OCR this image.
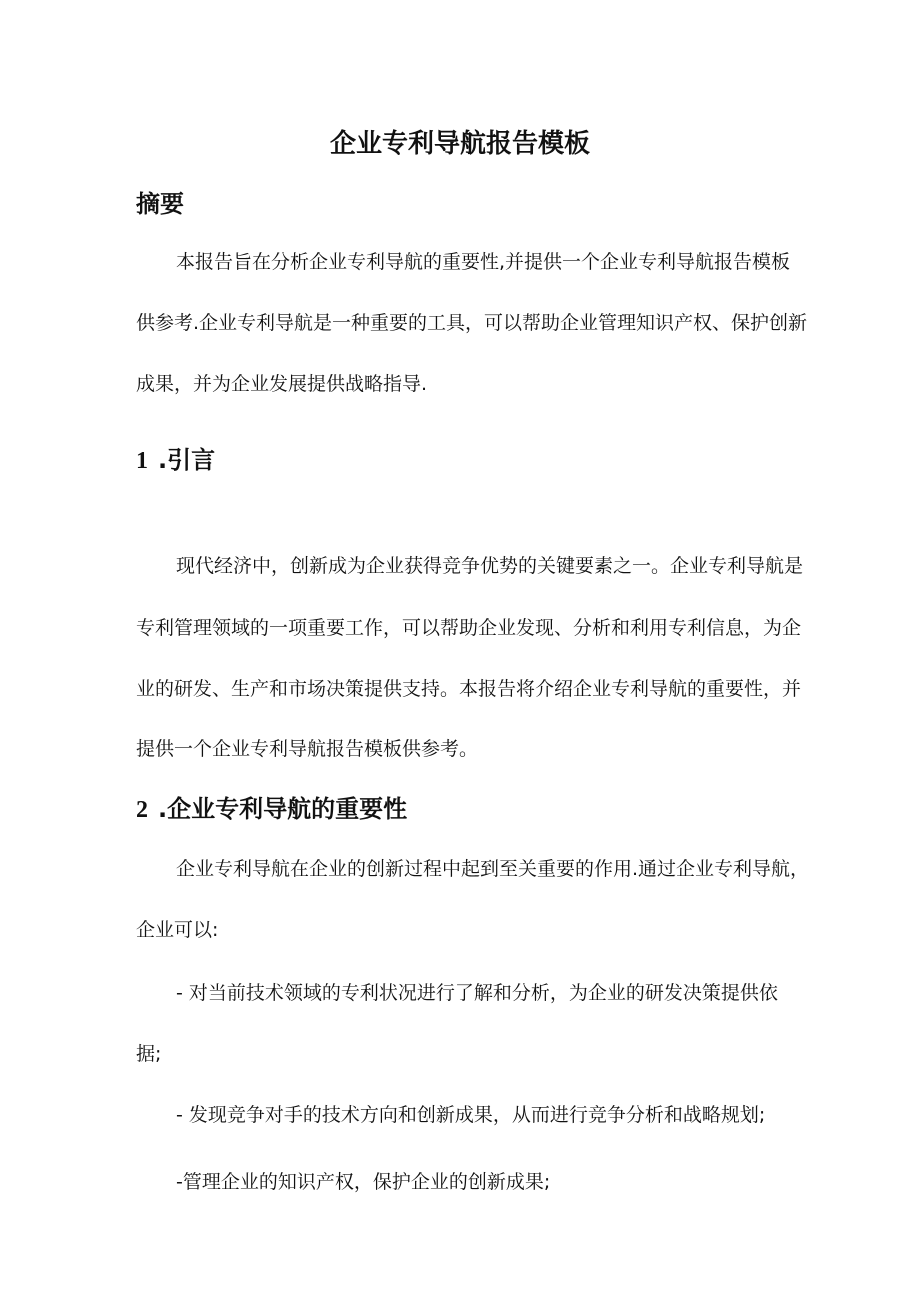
企业专利导航报告模板
摘要

本报告旨在分析企业专利导航的重要性,并提供一个企业专利导航报告模板

供参考.企业专利导航是一种重要的工具，可以帮助企业管理知识产权、保护创新

成果，并为企业发展提供战略指导.

1 .引言

现代经济中，创新成为企业获得竞争优势的关键要素之一。企业专利导航是

专利管理领域的一项重要工作，可以帮助企业发现、分析和利用专利信息，为企

业的研发、生产和市场决策提供支持。本报告将介绍企业专利导航的重要性，并

提供一个企业专利导航报告模板供参考。

2 .企业专利导航的重要性

企业专利导航在企业的创新过程中起到至关重要的作用.通过企业专利导航，

企业可以:

- 对当前技术领域的专利状况进行了解和分析，为企业的研发决策提供依

据;

- 发现竞争对手的技术方向和创新成果，从而进行竞争分析和战略规划;

-管理企业的知识产权，保护企业的创新成果;
